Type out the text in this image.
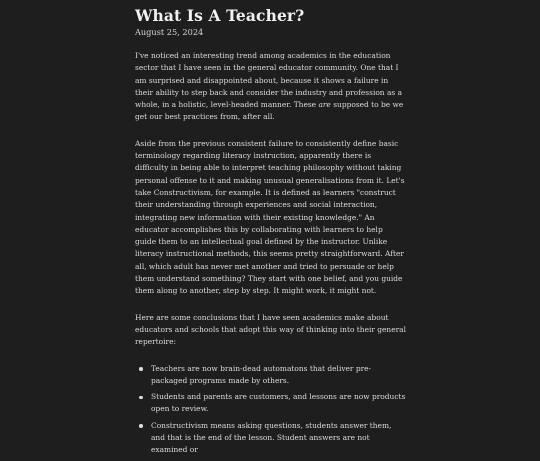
What Is A Teacher?

August 25, 2024

I've noticed an interesting trend among academics in the education sector that I have seen in the general educator community. One that I am surprised and disappointed about, because it shows a failure in their ability to step back and consider the industry and profession as a whole, in a holistic, level-headed manner. These are supposed to be we get our best practices from, after all.

Aside from the previous consistent failure to consistently define basic terminology regarding literacy instruction, apparently there is difficulty in being able to interpret teaching philosophy without taking personal offense to it and making unusual generalisations from it. Let's take Constructivism, for example. It is defined as learners "construct their understanding through experiences and social interaction, integrating new information with their existing knowledge." An educator accomplishes this by collaborating with learners to help guide them to an intellectual goal defined by the instructor. Unlike literacy instructional methods, this seems pretty straightforward. After all, which adult has never met another and tried to persuade or help them understand something? They start with one belief, and you guide them along to another, step by step. It might work, it might not.

Here are some conclusions that I have seen academics make about educators and schools that adopt this way of thinking into their general repertoire:

Teachers are now brain-dead automatons that deliver pre-packaged programs made by others.
Students and parents are customers, and lessons are now products open to review.
Constructivism means asking questions, students answer them, and that is the end of the lesson. Student answers are not examined or
